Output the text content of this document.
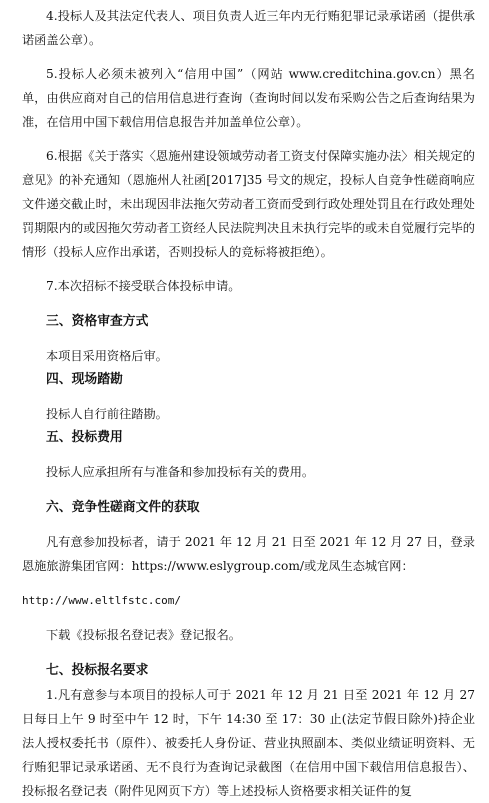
4.投标人及其法定代表人、项目负责人近三年内无行贿犯罪记录承诺函（提供承诺函盖公章）。

5.投标人必须未被列入“信用中国”（网站 www.creditchina.gov.cn）黑名单，由供应商对自己的信用信息进行查询（查询时间以发布采购公告之后查询结果为准，在信用中国下载信用信息报告并加盖单位公章）。

6.根据《关于落实〈恩施州建设领域劳动者工资支付保障实施办法〉相关规定的意见》的补充通知（恩施州人社函[2017]35 号文的规定，投标人自竞争性磋商响应文件递交截止时，未出现因非法拖欠劳动者工资而受到行政处理处罚且在行政处理处罚期限内的或因拖欠劳动者工资经人民法院判决且未执行完毕的或未自觉履行完毕的情形（投标人应作出承诺，否则投标人的竞标将被拒绝）。

7.本次招标不接受联合体投标申请。

三、资格审查方式

本项目采用资格后审。

四、现场踏勘

投标人自行前往踏勘。

五、投标费用

投标人应承担所有与准备和参加投标有关的费用。

六、竞争性磋商文件的获取

凡有意参加投标者，请于 2021 年 12 月 21 日至 2021 年 12 月 27 日，登录恩施旅游集团官网：https://www.eslygroup.com/或龙凤生态城官网：

http://www.eltlfstc.com/

下载《投标报名登记表》登记报名。

七、投标报名要求

1.凡有意参与本项目的投标人可于 2021 年 12 月 21 日至 2021 年 12 月 27 日每日上午 9 时至中午 12 时，下午 14:30 至 17：30 止(法定节假日除外)持企业法人授权委托书（原件）、被委托人身份证、营业执照副本、类似业绩证明资料、无行贿犯罪记录承诺函、无不良行为查询记录截图（在信用中国下载信用信息报告）、投标报名登记表（附件见网页下方）等上述投标人资格要求相关证件的复
